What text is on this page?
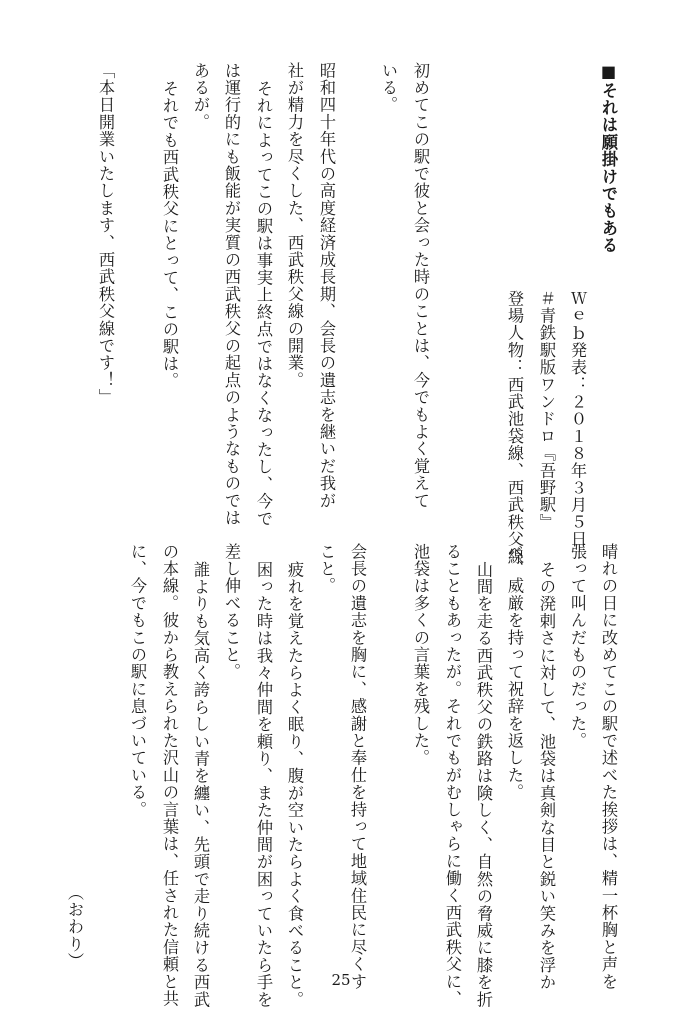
■それは願掛けでもある
Ｗｅｂ発表：２０１８年３月５日
＃青鉄駅版ワンドロ『吾野駅』
登場人物：西武池袋線、西武秩父線
初めてこの駅で彼と会った時のことは、今でもよく覚えて
いる。
昭和四十年代の高度経済成長期、会長の遺志を継いだ我が
社が精力を尽くした、西武秩父線の開業。
それによってこの駅は事実上終点ではなくなったし、今で
は運行的にも飯能が実質の西武秩父の起点のようなものでは
あるが。
それでも西武秩父にとって、この駅は。
「本日開業いたします、西武秩父線です！」
晴れの日に改めてこの駅で述べた挨拶は、精一杯胸と声を
張って叫んだものだった。
その溌剌さに対して、池袋は真剣な目と鋭い笑みを浮か
べ、威厳を持って祝辞を返した。
山間を走る西武秩父の鉄路は険しく、自然の脅威に膝を折
ることもあったが。それでもがむしゃらに働く西武秩父に、
池袋は多くの言葉を残した。
会長の遺志を胸に、感謝と奉仕を持って地域住民に尽くす
こと。
疲れを覚えたらよく眠り、腹が空いたらよく食べること。
困った時は我々仲間を頼り、また仲間が困っていたら手を
差し伸べること。
誰よりも気高く誇らしい青を纏い、先頭で走り続ける西武
の本線。彼から教えられた沢山の言葉は、任された信頼と共
に、今でもこの駅に息づいている。
（おわり）
25
